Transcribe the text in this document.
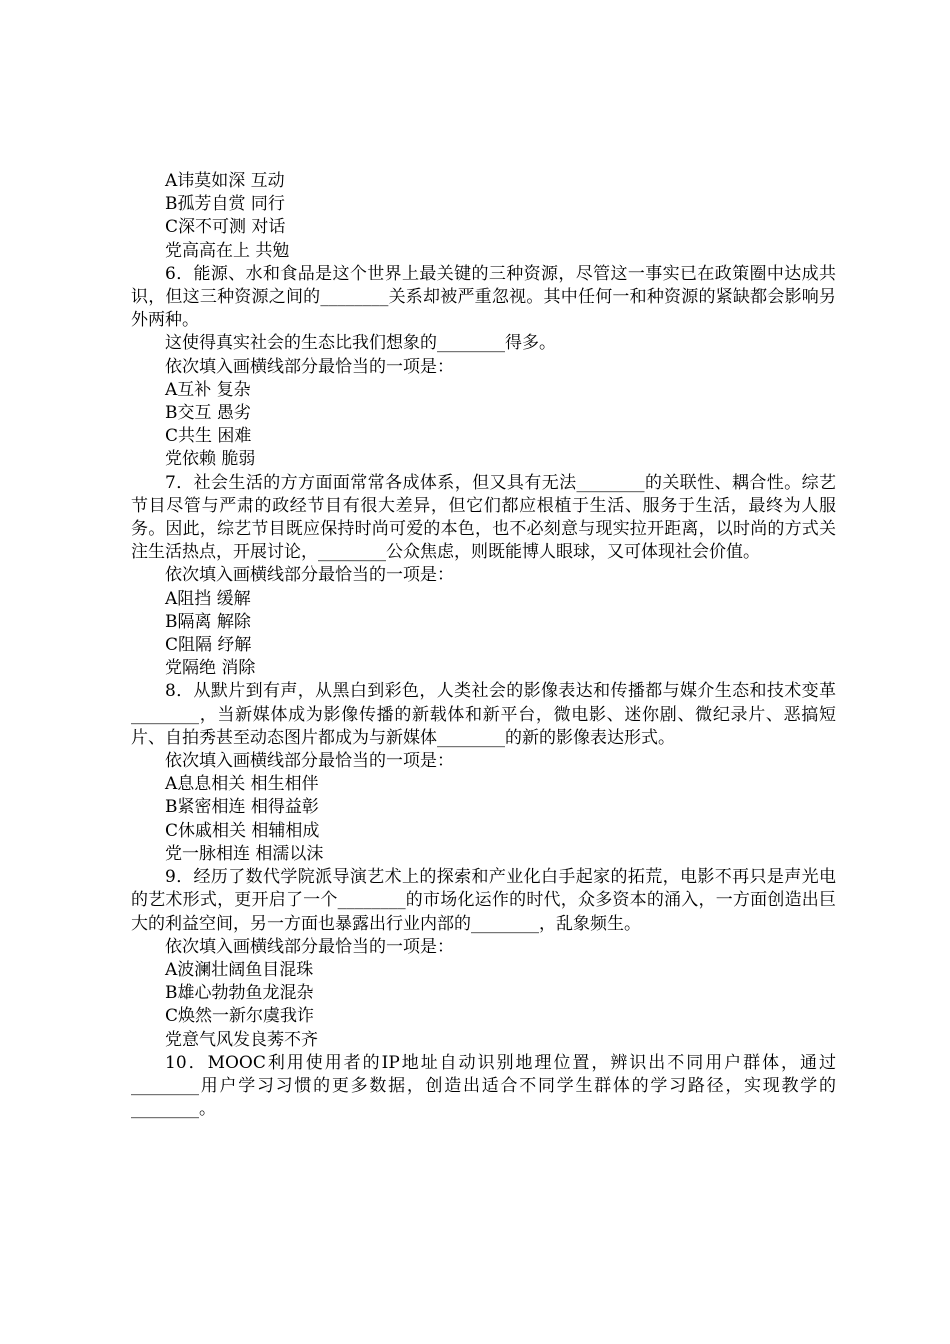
A讳莫如深 互动
B孤芳自赏 同行
C深不可测 对话
党高高在上 共勉

6．能源、水和食品是这个世界上最关键的三种资源，尽管这一事实已在政策圈中达成共识，但这三种资源之间的________关系却被严重忽视。其中任何一和种资源的紧缺都会影响另外两种。

这使得真实社会的生态比我们想象的________得多。

依次填入画横线部分最恰当的一项是：
A互补 复杂
B交互 愚劣
C共生 困难
党依赖 脆弱

7．社会生活的方方面面常常各成体系，但又具有无法________的关联性、耦合性。综艺节目尽管与严肃的政经节目有很大差异，但它们都应根植于生活、服务于生活，最终为人服务。因此，综艺节目既应保持时尚可爱的本色，也不必刻意与现实拉开距离，以时尚的方式关注生活热点，开展讨论，________公众焦虑，则既能博人眼球，又可体现社会价值。

依次填入画横线部分最恰当的一项是：
A阻挡 缓解
B隔离 解除
C阻隔 纾解
党隔绝 消除

8．从默片到有声，从黑白到彩色，人类社会的影像表达和传播都与媒介生态和技术变革________，当新媒体成为影像传播的新载体和新平台，微电影、迷你剧、微纪录片、恶搞短片、自拍秀甚至动态图片都成为与新媒体________的新的影像表达形式。

依次填入画横线部分最恰当的一项是：
A息息相关 相生相伴
B紧密相连 相得益彰
C休戚相关 相辅相成
党一脉相连 相濡以沫

9．经历了数代学院派导演艺术上的探索和产业化白手起家的拓荒，电影不再只是声光电的艺术形式，更开启了一个________的市场化运作的时代，众多资本的涌入，一方面创造出巨大的利益空间，另一方面也暴露出行业内部的________，乱象频生。

依次填入画横线部分最恰当的一项是：
A波澜壮阔鱼目混珠
B雄心勃勃鱼龙混杂
C焕然一新尔虞我诈
党意气风发良莠不齐

10．MOOC利用使用者的IP地址自动识别地理位置，辨识出不同用户群体，通过________用户学习习惯的更多数据，创造出适合不同学生群体的学习路径，实现教学的________。
